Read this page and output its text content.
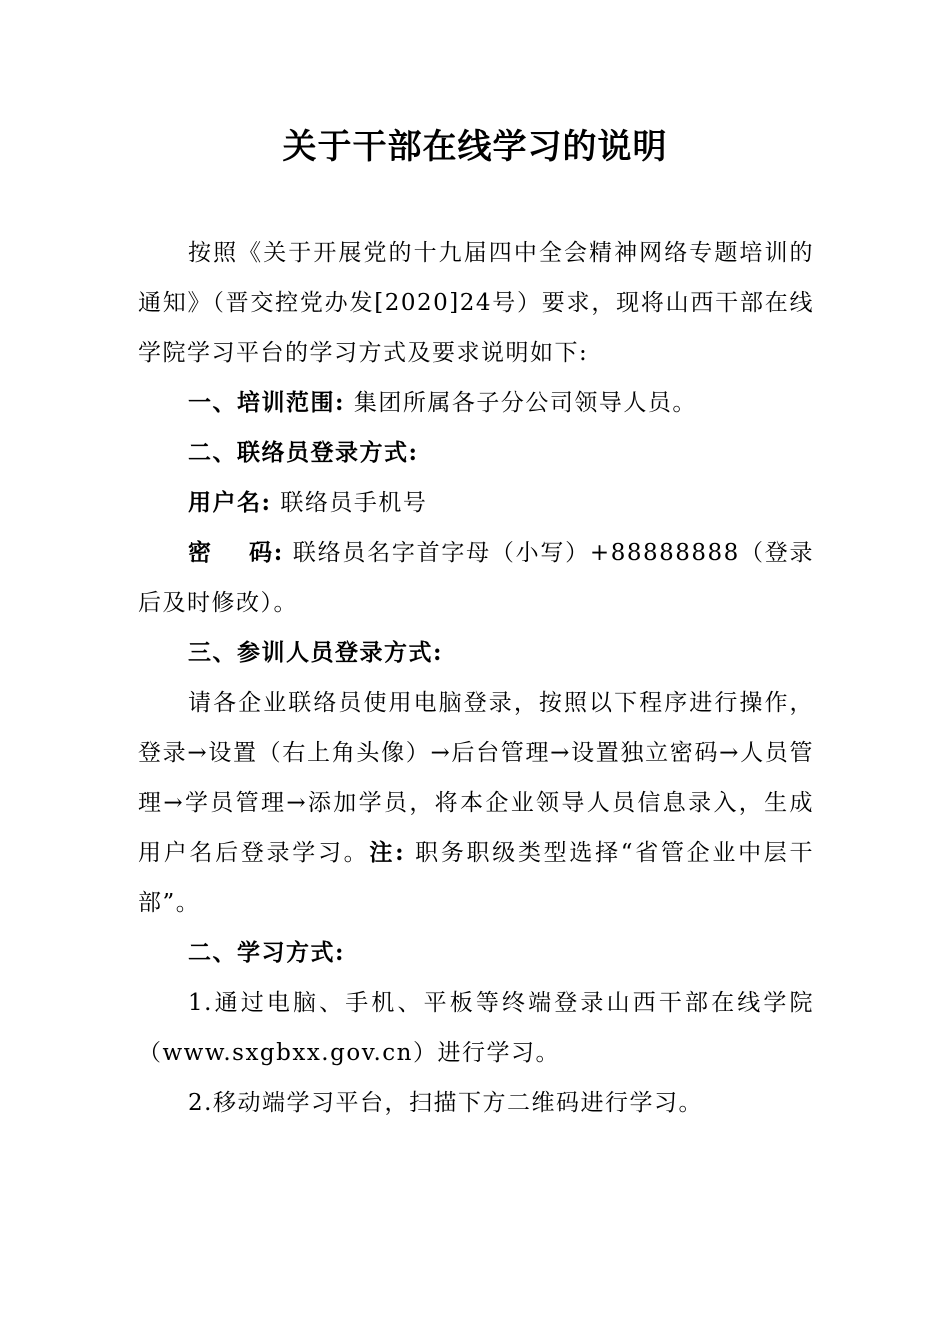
关于干部在线学习的说明

按照《关于开展党的十九届四中全会精神网络专题培训的通知》（晋交控党办发[2020]24号）要求，现将山西干部在线学院学习平台的学习方式及要求说明如下:

一、培训范围: 集团所属各子分公司领导人员。

二、联络员登录方式:

用户名: 联络员手机号

密 码: 联络员名字首字母（小写）+88888888（登录后及时修改）。

三、参训人员登录方式:

请各企业联络员使用电脑登录，按照以下程序进行操作，登录→设置（右上角头像）→后台管理→设置独立密码→人员管理→学员管理→添加学员，将本企业领导人员信息录入，生成用户名后登录学习。注: 职务职级类型选择“省管企业中层干部”。

二、学习方式:

1.通过电脑、手机、平板等终端登录山西干部在线学院（www.sxgbxx.gov.cn）进行学习。

2.移动端学习平台，扫描下方二维码进行学习。
